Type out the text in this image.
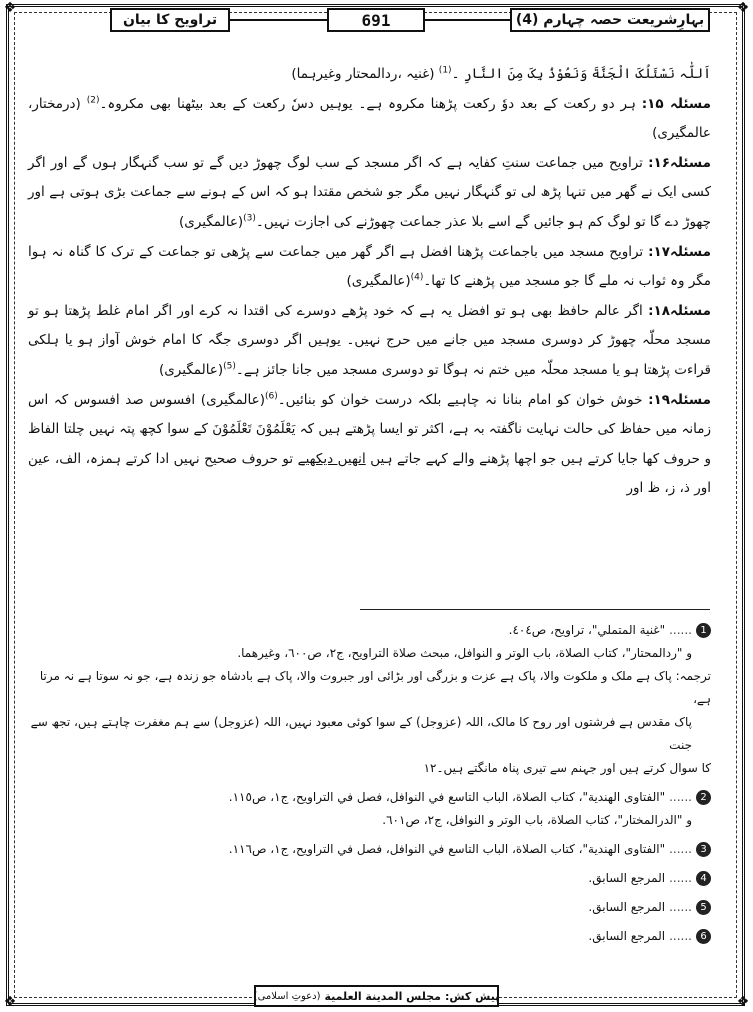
❖	❖
❖	❖
بہارِشریعت حصہ چہارم (4)
691
تراویح کا بیان

اَللّٰہ نَسْئَلُکَ الْجَنَّةَ وَنَعُوْذُ بِکَ مِنَ النَّارِ ۔$^{(1)}$ (غنیہ ،ردالمحتار وغیرہما)

مسئلہ ۱۵: ہر دو رکعت کے بعد دوٗ رکعت پڑھنا مکروہ ہے۔ یوہیں دسٗ رکعت کے بعد بیٹھنا بھی مکروہ۔$^{(2)}$ (درمختار، عالمگیری)

مسئلہ۱۶: تراویح میں جماعت سنتِ کفایہ ہے کہ اگر مسجد کے سب لوگ چھوڑ دیں گے تو سب گنہگار ہوں گے اور اگر کسی ایک نے گھر میں تنہا پڑھ لی تو گنہگار نہیں مگر جو شخص مقتدا ہو کہ اس کے ہونے سے جماعت بڑی ہوتی ہے اور چھوڑ دے گا تو لوگ کم ہو جائیں گے اسے بلا عذر جماعت چھوڑنے کی اجازت نہیں۔$^{(3)}$(عالمگیری)

مسئلہ۱۷: تراویح مسجد میں باجماعت پڑھنا افضل ہے اگر گھر میں جماعت سے پڑھی تو جماعت کے ترک کا گناہ نہ ہوا مگر وہ ثواب نہ ملے گا جو مسجد میں پڑھنے کا تھا۔$^{(4)}$(عالمگیری)

مسئلہ۱۸: اگر عالم حافظ بھی ہو تو افضل یہ ہے کہ خود پڑھے دوسرے کی اقتدا نہ کرے اور اگر امام غلط پڑھتا ہو تو مسجد محلّہ چھوڑ کر دوسری مسجد میں جانے میں حرج نہیں۔ یوہیں اگر دوسری جگہ کا امام خوش آواز ہو یا ہلکی قراءت پڑھتا ہو یا مسجد محلّہ میں ختم نہ ہوگا تو دوسری مسجد میں جانا جائز ہے۔$^{(5)}$(عالمگیری)

مسئلہ۱۹: خوش خوان کو امام بنانا نہ چاہیے بلکہ درست خوان کو بنائیں۔$^{(6)}$(عالمگیری) افسوس صد افسوس کہ اس زمانہ میں حفاظ کی حالت نہایت ناگفتہ بہ ہے، اکثر تو ایسا پڑھتے ہیں کہ یَعْلَمُوْنَ تَعْلَمُوْنَ کے سوا کچھ پتہ نہیں چلتا الفاظ و حروف کھا جایا کرتے ہیں جو اچھا پڑھنے والے کہے جاتے ہیں انھیں دیکھیے تو حروف صحیح نہیں ادا کرتے ہمزہ، الف، عین اور ذ، ز، ظ اور

1
......
"غنية المتملي"، تراويح، ص٤٠٤.
و "ردالمحتار"، كتاب الصلاة، باب الوتر و النوافل، مبحث صلاة التراويح، ج٢، ص٦٠٠، وغيرهما.
ترجمہ: پاک ہے ملک و ملکوت والا، پاک ہے عزت و بزرگی اور بڑائی اور جبروت والا، پاک ہے بادشاہ جو زندہ ہے، جو نہ سوتا ہے نہ مرتا ہے،
پاک مقدس ہے فرشتوں اور روح کا مالک، اللہ (عزوجل) کے سوا کوئی معبود نہیں، اللہ (عزوجل) سے ہم مغفرت چاہتے ہیں، تجھ سے جنت
کا سوال کرتے ہیں اور جہنم سے تیری پناہ مانگتے ہیں۔۱۲
2
......
"الفتاوى الهندية"، كتاب الصلاة، الباب التاسع في النوافل، فصل في التراويح، ج١، ص١١٥.
و "الدرالمختار"، كتاب الصلاة، باب الوتر و النوافل، ج٢، ص٦٠١.
3
......
"الفتاوى الهندية"، كتاب الصلاة، الباب التاسع في النوافل، فصل في التراويح، ج١، ص١١٦.
4
......
المرجع السابق.
5
......
المرجع السابق.
6
......
المرجع السابق.
پیش کش:
مجلس المدينة العلمية
(دعوتِ اسلامی)
